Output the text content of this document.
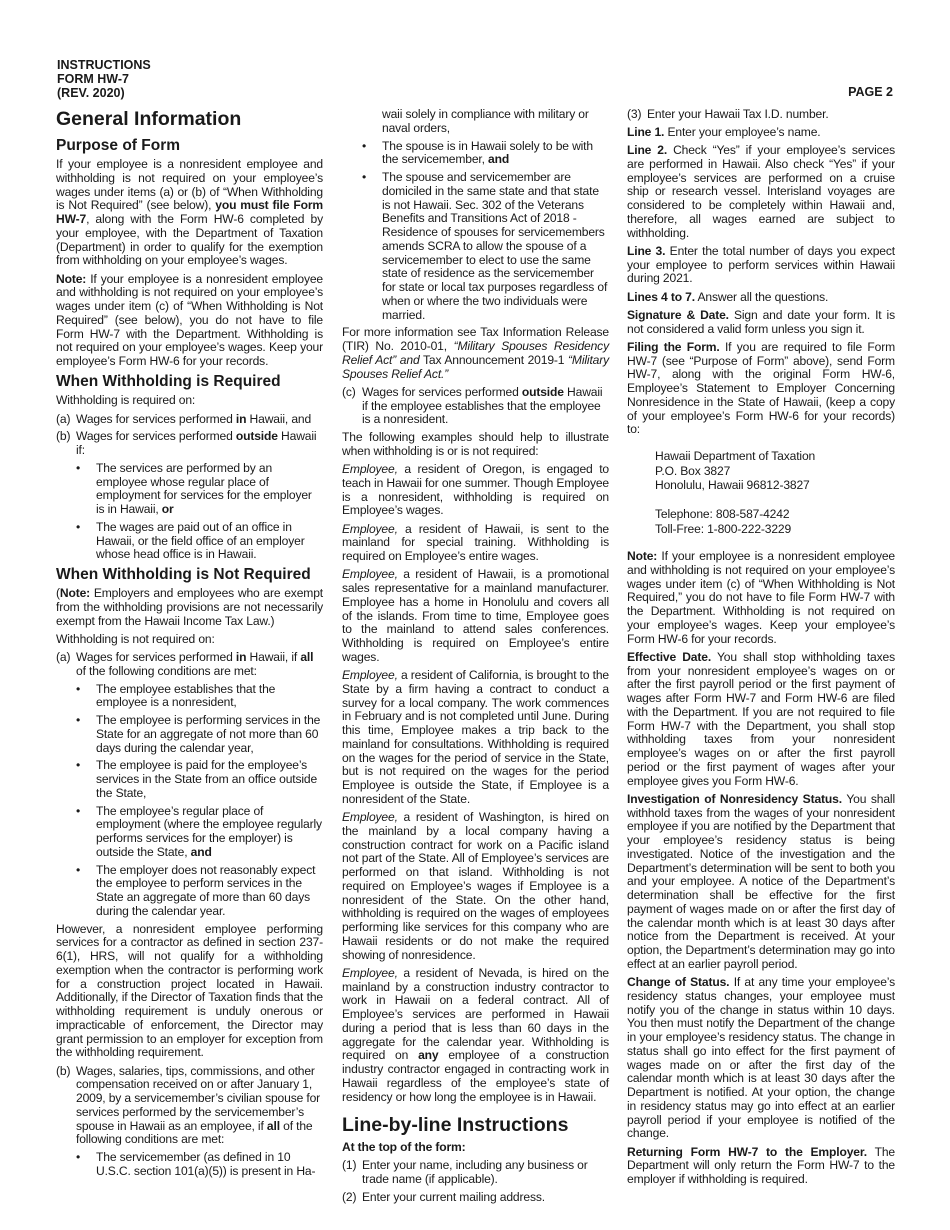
INSTRUCTIONS
FORM HW-7
(REV. 2020)	PAGE 2
General Information
Purpose of Form

If your employee is a nonresident employee and withholding is not required on your employee’s wages under items (a) or (b) of “When Withholding is Not Required” (see below), you must file Form HW-7, along with the Form HW-6 completed by your employee, with the Department of Taxation (Department) in order to qualify for the exemption from withholding on your employee’s wages.

Note: If your employee is a nonresident employee and withholding is not required on your employee’s wages under item (c) of “When Withholding is Not Required” (see below), you do not have to file Form HW-7 with the Department. Withholding is not required on your employee’s wages. Keep your employee’s Form HW-6 for your records.

When Withholding is Required

Withholding is required on:

(a) Wages for services performed in Hawaii, and
(b) Wages for services performed outside Hawaii if:
• The services are performed by an employee whose regular place of employment for services for the employer is in Hawaii, or
• The wages are paid out of an office in Hawaii, or the field office of an employer whose head office is in Hawaii.
When Withholding is Not Required

(Note: Employers and employees who are exempt from the withholding provisions are not necessarily exempt from the Hawaii Income Tax Law.)

Withholding is not required on:

(a) Wages for services performed in Hawaii, if all of the following conditions are met:
• The employee establishes that the employee is a nonresident,
• The employee is performing services in the State for an aggregate of not more than 60 days during the calendar year,
• The employee is paid for the employee’s services in the State from an office outside the State,
• The employee’s regular place of employment (where the employee regularly performs services for the employer) is outside the State, and
• The employer does not reasonably expect the employee to perform services in the State an aggregate of more than 60 days during the calendar year.

However, a nonresident employee performing services for a contractor as defined in section 237-6(1), HRS, will not qualify for a withholding exemption when the contractor is performing work for a construction project located in Hawaii. Additionally, if the Director of Taxation finds that the withholding requirement is unduly onerous or impracticable of enforcement, the Director may grant permission to an employer for exception from the withholding requirement.

(b) Wages, salaries, tips, commissions, and other compensation received on or after January 1, 2009, by a servicemember’s civilian spouse for services performed by the servicemember’s spouse in Hawaii as an employee, if all of the following conditions are met:
• The servicemember (as defined in 10 U.S.C. section 101(a)(5)) is present in Ha-
waii solely in compliance with military or naval orders,
• The spouse is in Hawaii solely to be with the servicemember, and
• The spouse and servicemember are domiciled in the same state and that state is not Hawaii. Sec. 302 of the Veterans Benefits and Transitions Act of 2018 - Residence of spouses for servicemembers amends SCRA to allow the spouse of a servicemember to elect to use the same state of residence as the servicemember for state or local tax purposes regardless of when or where the two individuals were married.

For more information see Tax Information Release (TIR) No. 2010-01, “Military Spouses Residency Relief Act” and Tax Announcement 2019-1 “Military Spouses Relief Act.”

(c) Wages for services performed outside Hawaii if the employee establishes that the employee is a nonresident.

The following examples should help to illustrate when withholding is or is not required:

Employee, a resident of Oregon, is engaged to teach in Hawaii for one summer. Though Employee is a nonresident, withholding is required on Employee’s wages.

Employee, a resident of Hawaii, is sent to the mainland for special training. Withholding is required on Employee’s entire wages.

Employee, a resident of Hawaii, is a promotional sales representative for a mainland manufacturer. Employee has a home in Honolulu and covers all of the islands. From time to time, Employee goes to the mainland to attend sales conferences. Withholding is required on Employee’s entire wages.

Employee, a resident of California, is brought to the State by a firm having a contract to conduct a survey for a local company. The work commences in February and is not completed until June. During this time, Employee makes a trip back to the mainland for consultations. Withholding is required on the wages for the period of service in the State, but is not required on the wages for the period Employee is outside the State, if Employee is a nonresident of the State.

Employee, a resident of Washington, is hired on the mainland by a local company having a construction contract for work on a Pacific island not part of the State. All of Employee’s services are performed on that island. Withholding is not required on Employee’s wages if Employee is a nonresident of the State. On the other hand, withholding is required on the wages of employees performing like services for this company who are Hawaii residents or do not make the required showing of nonresidence.

Employee, a resident of Nevada, is hired on the mainland by a construction industry contractor to work in Hawaii on a federal contract. All of Employee’s services are performed in Hawaii during a period that is less than 60 days in the aggregate for the calendar year. Withholding is required on any employee of a construction industry contractor engaged in contracting work in Hawaii regardless of the employee’s state of residency or how long the employee is in Hawaii.

Line-by-line Instructions
At the top of the form:
(1) Enter your name, including any business or trade name (if applicable).
(2) Enter your current mailing address.
(3) Enter your Hawaii Tax I.D. number.

Line 1. Enter your employee’s name.

Line 2. Check “Yes” if your employee’s services are performed in Hawaii. Also check “Yes” if your employee’s services are performed on a cruise ship or research vessel. Interisland voyages are considered to be completely within Hawaii and, therefore, all wages earned are subject to withholding.

Line 3. Enter the total number of days you expect your employee to perform services within Hawaii during 2021.

Lines 4 to 7. Answer all the questions.

Signature & Date. Sign and date your form. It is not considered a valid form unless you sign it.

Filing the Form. If you are required to file Form HW-7 (see “Purpose of Form” above), send Form HW-7, along with the original Form HW-6, Employee’s Statement to Employer Concerning Nonresidence in the State of Hawaii, (keep a copy of your employee’s Form HW-6 for your records) to:

Hawaii Department of Taxation
P.O. Box 3827
Honolulu, Hawaii 96812-3827
Telephone: 808-587-4242
Toll-Free: 1-800-222-3229

Note: If your employee is a nonresident employee and withholding is not required on your employee’s wages under item (c) of “When Withholding is Not Required,” you do not have to file Form HW-7 with the Department. Withholding is not required on your employee’s wages. Keep your employee’s Form HW-6 for your records.

Effective Date. You shall stop withholding taxes from your nonresident employee’s wages on or after the first payroll period or the first payment of wages after Form HW-7 and Form HW-6 are filed with the Department. If you are not required to file Form HW-7 with the Department, you shall stop withholding taxes from your nonresident employee’s wages on or after the first payroll period or the first payment of wages after your employee gives you Form HW-6.

Investigation of Nonresidency Status. You shall withhold taxes from the wages of your nonresident employee if you are notified by the Department that your employee’s residency status is being investigated. Notice of the investigation and the Department’s determination will be sent to both you and your employee. A notice of the Department’s determination shall be effective for the first payment of wages made on or after the first day of the calendar month which is at least 30 days after notice from the Department is received. At your option, the Department’s determination may go into effect at an earlier payroll period.

Change of Status. If at any time your employee’s residency status changes, your employee must notify you of the change in status within 10 days. You then must notify the Department of the change in your employee’s residency status. The change in status shall go into effect for the first payment of wages made on or after the first day of the calendar month which is at least 30 days after the Department is notified. At your option, the change in residency status may go into effect at an earlier payroll period if your employee is notified of the change.

Returning Form HW-7 to the Employer. The Department will only return the Form HW-7 to the employer if withholding is required.
